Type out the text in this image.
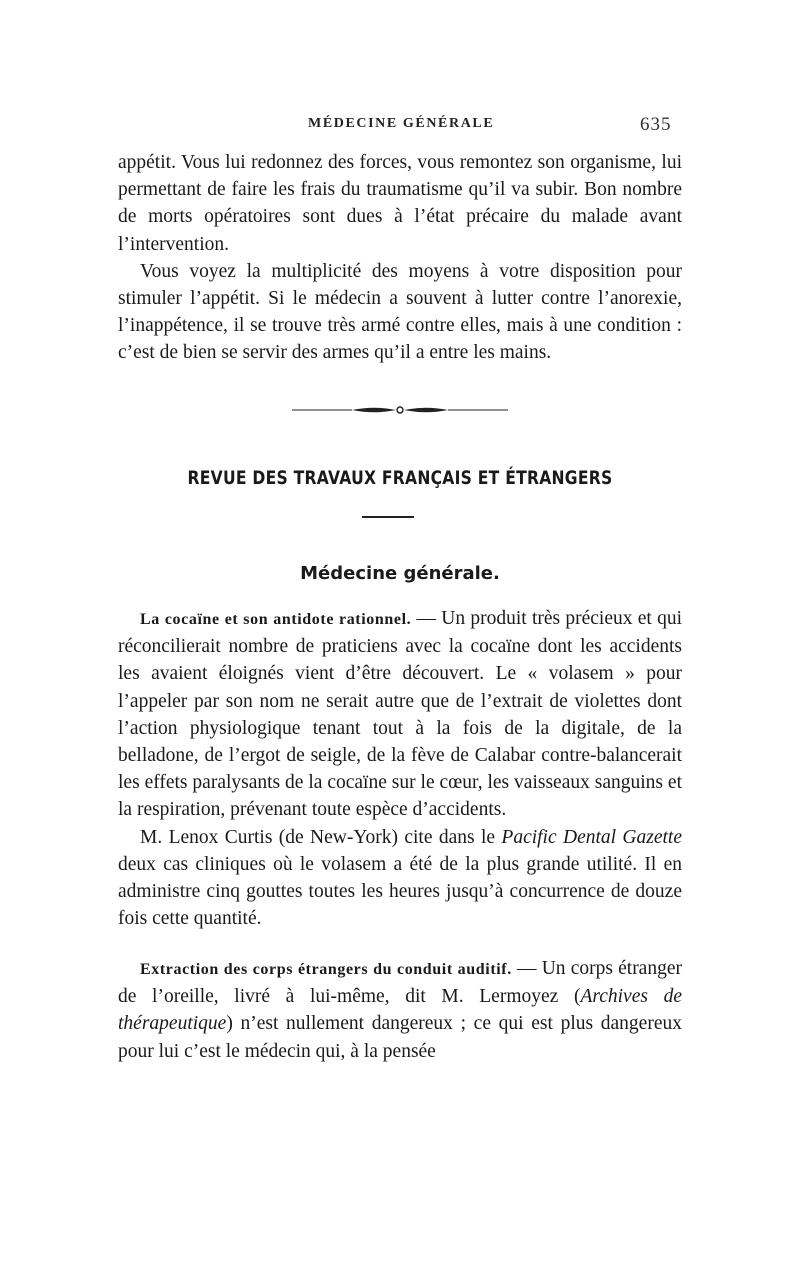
MÉDECINE GÉNÉRALE	635

appétit. Vous lui redonnez des forces, vous remontez son organisme, lui permettant de faire les frais du traumatisme qu’il va subir. Bon nombre de morts opératoires sont dues à l’état précaire du malade avant l’intervention.

Vous voyez la multiplicité des moyens à votre disposition pour stimuler l’appétit. Si le médecin a souvent à lutter contre l’anorexie, l’inappétence, il se trouve très armé contre elles, mais à une condition : c’est de bien se servir des armes qu’il a entre les mains.

REVUE DES TRAVAUX FRANÇAIS ET ÉTRANGERS
Médecine générale.

La cocaïne et son antidote rationnel. — Un produit très précieux et qui réconcilierait nombre de praticiens avec la cocaïne dont les accidents les avaient éloignés vient d’être découvert. Le « volasem » pour l’appeler par son nom ne serait autre que de l’extrait de violettes dont l’action physiologique tenant tout à la fois de la digitale, de la belladone, de l’ergot de seigle, de la fève de Calabar contre-balancerait les effets paralysants de la cocaïne sur le cœur, les vaisseaux sanguins et la respiration, prévenant toute espèce d’accidents.

M. Lenox Curtis (de New-York) cite dans le Pacific Dental Gazette deux cas cliniques où le volasem a été de la plus grande utilité. Il en administre cinq gouttes toutes les heures jusqu’à concurrence de douze fois cette quantité.

Extraction des corps étrangers du conduit auditif. — Un corps étranger de l’oreille, livré à lui-même, dit M. Lermoyez (Archives de thérapeutique) n’est nullement dangereux ; ce qui est plus dangereux pour lui c’est le médecin qui, à la pensée
